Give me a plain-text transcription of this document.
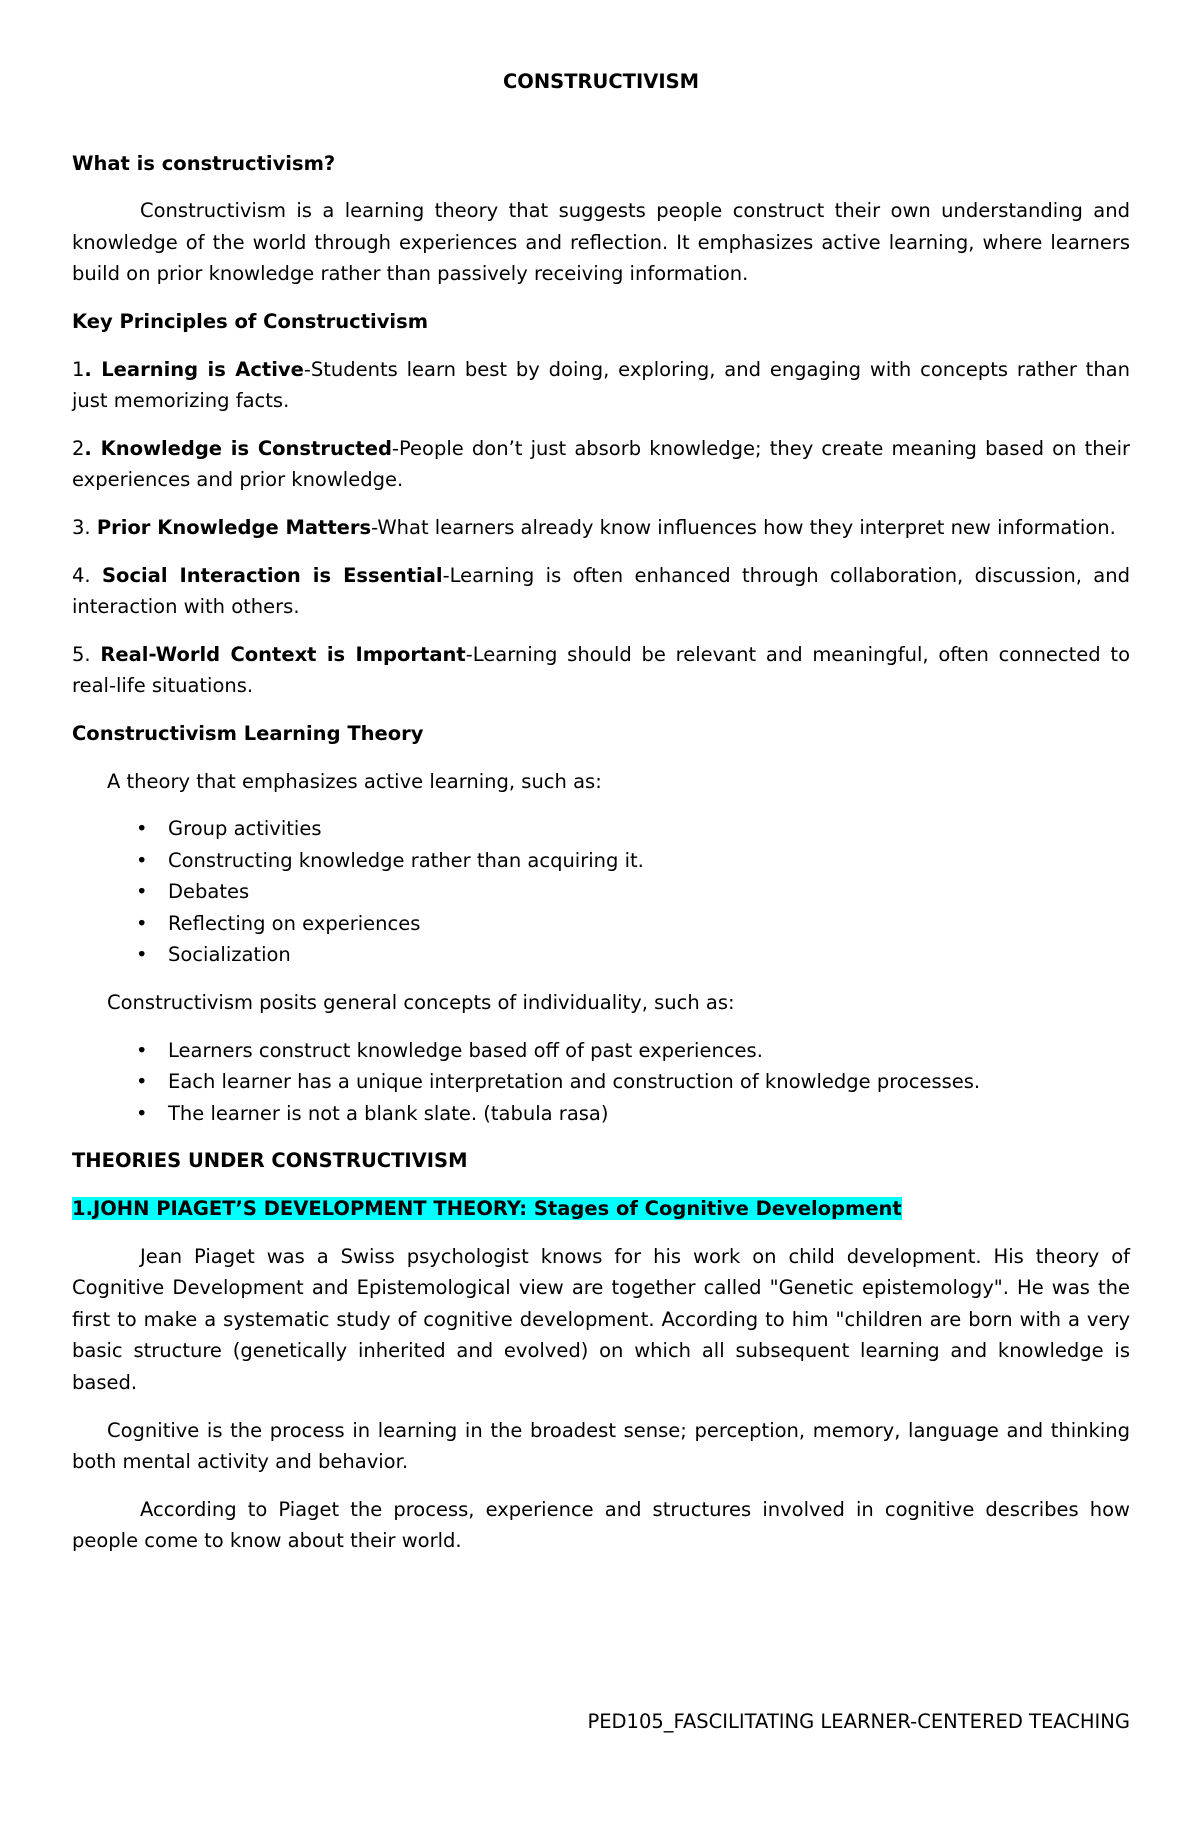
CONSTRUCTIVISM
What is constructivism?

Constructivism is a learning theory that suggests people construct their own understanding and knowledge of the world through experiences and reflection. It emphasizes active learning, where learners build on prior knowledge rather than passively receiving information.

Key Principles of Constructivism

1. Learning is Active-Students learn best by doing, exploring, and engaging with concepts rather than just memorizing facts.

2. Knowledge is Constructed-People don’t just absorb knowledge; they create meaning based on their experiences and prior knowledge.

3. Prior Knowledge Matters-What learners already know influences how they interpret new information.

4. Social Interaction is Essential-Learning is often enhanced through collaboration, discussion, and interaction with others.

5. Real-World Context is Important-Learning should be relevant and meaningful, often connected to real-life situations.

Constructivism Learning Theory

A theory that emphasizes active learning, such as:

• Group activities
• Constructing knowledge rather than acquiring it.
• Debates
• Reflecting on experiences
• Socialization

Constructivism posits general concepts of individuality, such as:

• Learners construct knowledge based off of past experiences.
• Each learner has a unique interpretation and construction of knowledge processes.
• The learner is not a blank slate. (tabula rasa)
THEORIES UNDER CONSTRUCTIVISM
1.JOHN PIAGET’S DEVELOPMENT THEORY: Stages of Cognitive Development

Jean Piaget was a Swiss psychologist knows for his work on child development. His theory of Cognitive Development and Epistemological view are together called "Genetic epistemology". He was the first to make a systematic study of cognitive development. According to him "children are born with a very basic structure (genetically inherited and evolved) on which all subsequent learning and knowledge is based.

Cognitive is the process in learning in the broadest sense; perception, memory, language and thinking both mental activity and behavior.

According to Piaget the process, experience and structures involved in cognitive describes how people come to know about their world.

PED105_FASCILITATING LEARNER-CENTERED TEACHING
